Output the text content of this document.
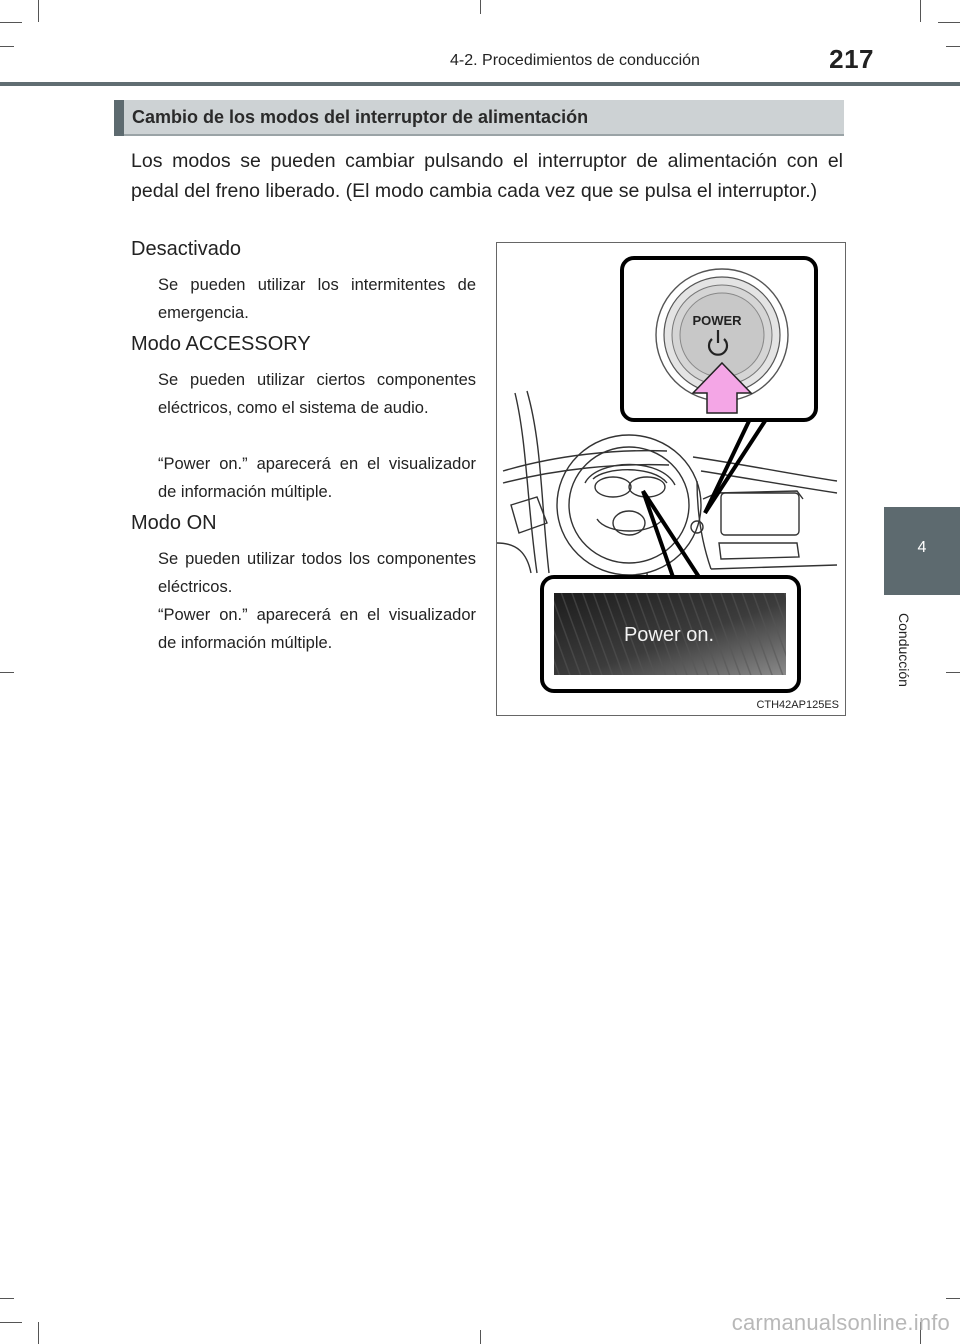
4-2. Procedimientos de conducción	217
Cambio de los modos del interruptor de alimentación
Los modos se pueden cambiar pulsando el interruptor de alimentación con el pedal del freno liberado. (El modo cambia cada vez que se pulsa el interruptor.)
Desactivado
Se pueden utilizar los intermitentes de emergencia.
Modo ACCESSORY
Se pueden utilizar ciertos componentes eléctricos, como el sistema de audio.
“Power on.” aparecerá en el visualizador de información múltiple.
Modo ON
Se pueden utilizar todos los componentes eléctricos.
“Power on.” aparecerá en el visualizador de información múltiple.
POWER
Power on.
CTH42AP125ES
4
Conducción
carmanualsonline.info
